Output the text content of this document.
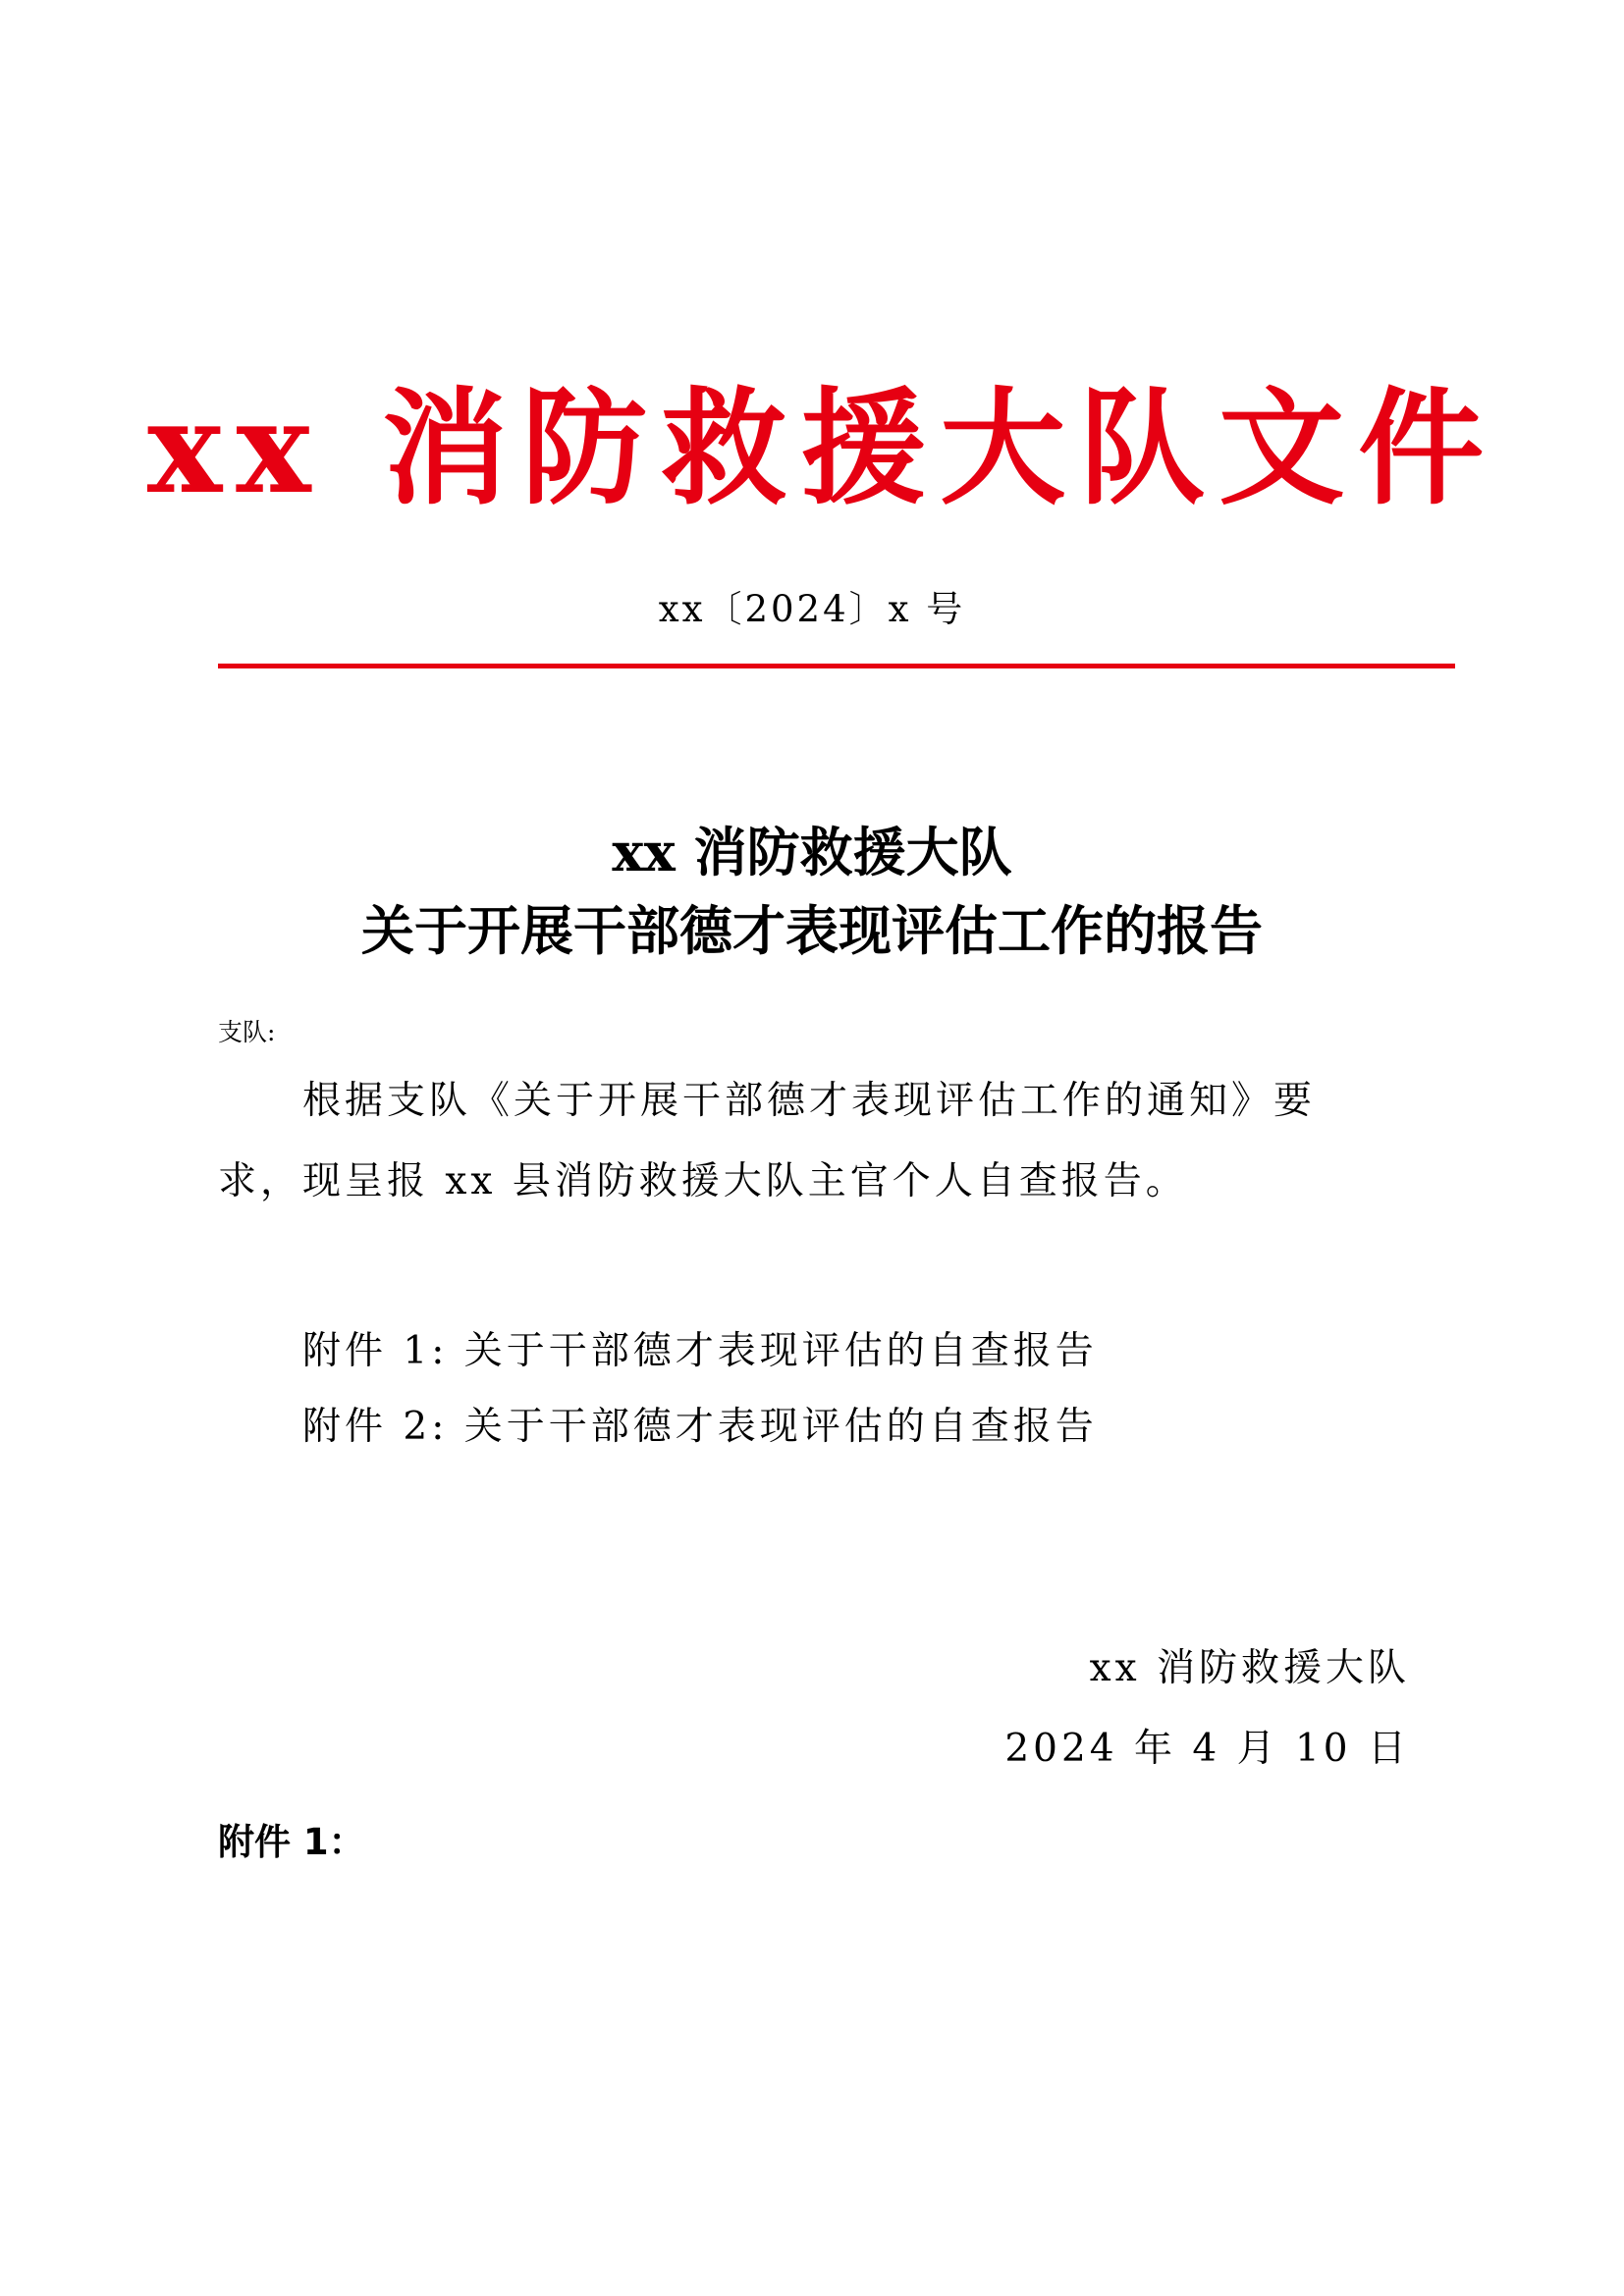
xx 消防救援大队文件
xx〔2024〕x 号
xx 消防救援大队
关于开展干部德才表现评估工作的报告
支队:
根据支队《关于开展干部德才表现评估工作的通知》要
求，现呈报 xx 县消防救援大队主官个人自查报告。
附件 1: 关于干部德才表现评估的自查报告
附件 2: 关于干部德才表现评估的自查报告
xx 消防救援大队
2024 年 4 月 10 日
附件 1：
